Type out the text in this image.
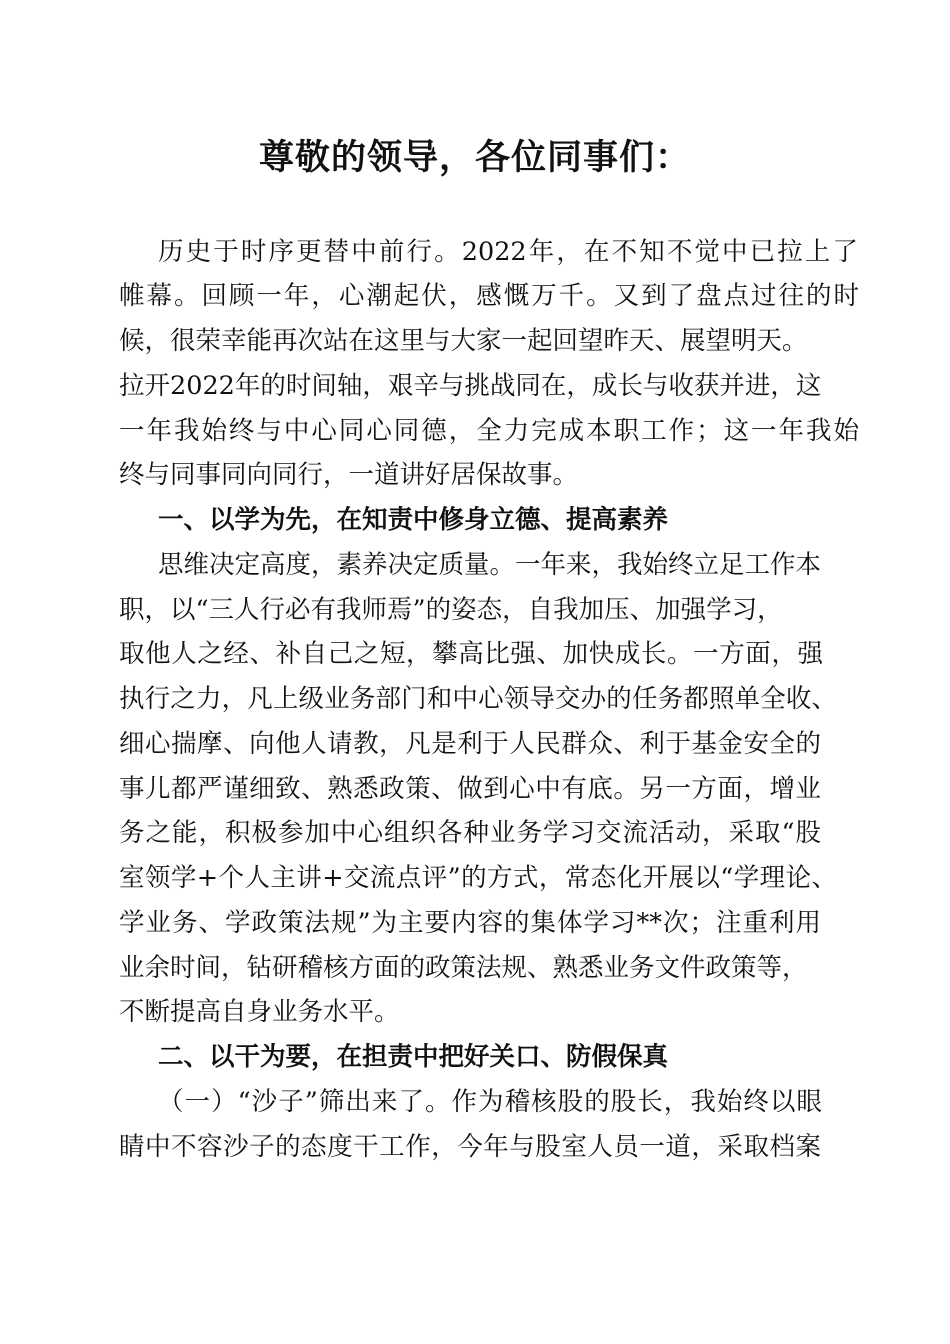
尊敬的领导，各位同事们：
历史于时序更替中前行。2022年，在不知不觉中已拉上了
帷幕。回顾一年，心潮起伏，感慨万千。又到了盘点过往的时
候，很荣幸能再次站在这里与大家一起回望昨天、展望明天。
拉开2022年的时间轴，艰辛与挑战同在，成长与收获并进，这
一年我始终与中心同心同德，全力完成本职工作；这一年我始
终与同事同向同行，一道讲好居保故事。
一、以学为先，在知责中修身立德、提高素养
思维决定高度，素养决定质量。一年来，我始终立足工作本
职，以“三人行必有我师焉”的姿态，自我加压、加强学习，
取他人之经、补自己之短，攀高比强、加快成长。一方面，强
执行之力，凡上级业务部门和中心领导交办的任务都照单全收、
细心揣摩、向他人请教，凡是利于人民群众、利于基金安全的
事儿都严谨细致、熟悉政策、做到心中有底。另一方面，增业
务之能，积极参加中心组织各种业务学习交流活动，采取“股
室领学+个人主讲+交流点评”的方式，常态化开展以“学理论、
学业务、学政策法规”为主要内容的集体学习**次；注重利用
业余时间，钻研稽核方面的政策法规、熟悉业务文件政策等，
不断提高自身业务水平。
二、以干为要，在担责中把好关口、防假保真
（一）“沙子”筛出来了。作为稽核股的股长，我始终以眼
睛中不容沙子的态度干工作，今年与股室人员一道，采取档案
